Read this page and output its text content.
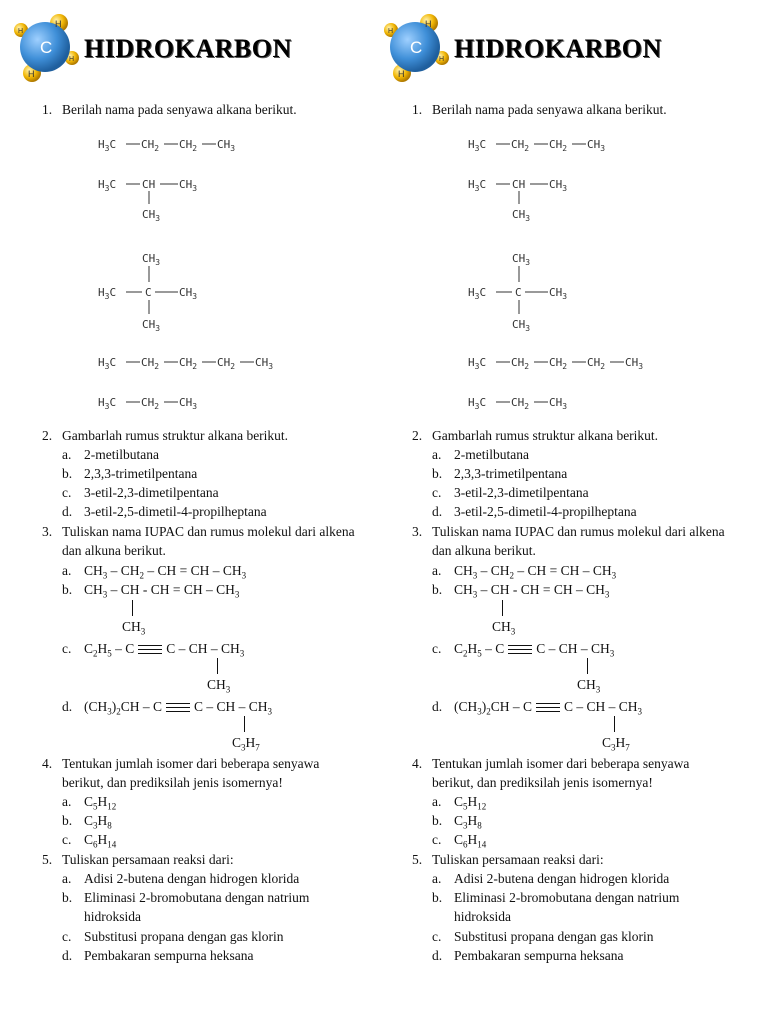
C
H
H
H
H
HIDROKARBON
1. Berilah nama pada senyawa alkana berikut.
$H_3C$ $CH_2$ $CH_2$ $CH_3$
$H_3C$ CH $CH_3$
$CH_3$
$CH_3$
$H_3C$	C $CH_3$
$CH_3$
$H_3C$ $CH_2$ $CH_2$ $CH_2$ $CH_3$
$H_3C$ $CH_2$ $CH_3$
2. Gambarlah rumus struktur alkana berikut.
a. 2-metilbutana
b. 2,3,3-trimetilpentana
c. 3-etil-2,3-dimetilpentana
d. 3-etil-2,5-dimetil-4-propilheptana
3. Tuliskan nama IUPAC dan rumus molekul dari alkena dan alkuna berikut.
a. $CH_3 - CH_2$ – CH = CH – $CH_3$
b. $CH_3$ – CH - CH = CH – $CH_3$
$CH_3$
c. $C_2H_5$ – C C – CH – $CH_3$
$CH_3$
d. $(CH_3)_2CH$ – C C – CH – $CH_3$
$C_3H_7$
4. Tentukan jumlah isomer dari beberapa senyawa berikut, dan prediksilah jenis isomernya!
a. $C_5H_{12}$
b. $C_3H_8$
c. $C_6H_{14}$
5. Tuliskan persamaan reaksi dari:
a. Adisi 2-butena dengan hidrogen klorida
b. Eliminasi 2-bromobutana dengan natrium hidroksida
c. Substitusi propana dengan gas klorin
d. Pembakaran sempurna heksana
C
H
H
H
H
HIDROKARBON
1. Berilah nama pada senyawa alkana berikut.
$H_3C$ $CH_2$ $CH_2$ $CH_3$
$H_3C$ CH $CH_3$
$CH_3$
$CH_3$
$H_3C$	C $CH_3$
$CH_3$
$H_3C$ $CH_2$ $CH_2$ $CH_2$ $CH_3$
$H_3C$ $CH_2$ $CH_3$
2. Gambarlah rumus struktur alkana berikut.
a. 2-metilbutana
b. 2,3,3-trimetilpentana
c. 3-etil-2,3-dimetilpentana
d. 3-etil-2,5-dimetil-4-propilheptana
3. Tuliskan nama IUPAC dan rumus molekul dari alkena dan alkuna berikut.
a. $CH_3 - CH_2$ – CH = CH – $CH_3$
b. $CH_3$ – CH - CH = CH – $CH_3$
$CH_3$
c. $C_2H_5$ – C C – CH – $CH_3$
$CH_3$
d. $(CH_3)_2CH$ – C C – CH – $CH_3$
$C_3H_7$
4. Tentukan jumlah isomer dari beberapa senyawa berikut, dan prediksilah jenis isomernya!
a. $C_5H_{12}$
b. $C_3H_8$
c. $C_6H_{14}$
5. Tuliskan persamaan reaksi dari:
a. Adisi 2-butena dengan hidrogen klorida
b. Eliminasi 2-bromobutana dengan natrium hidroksida
c. Substitusi propana dengan gas klorin
d. Pembakaran sempurna heksana
